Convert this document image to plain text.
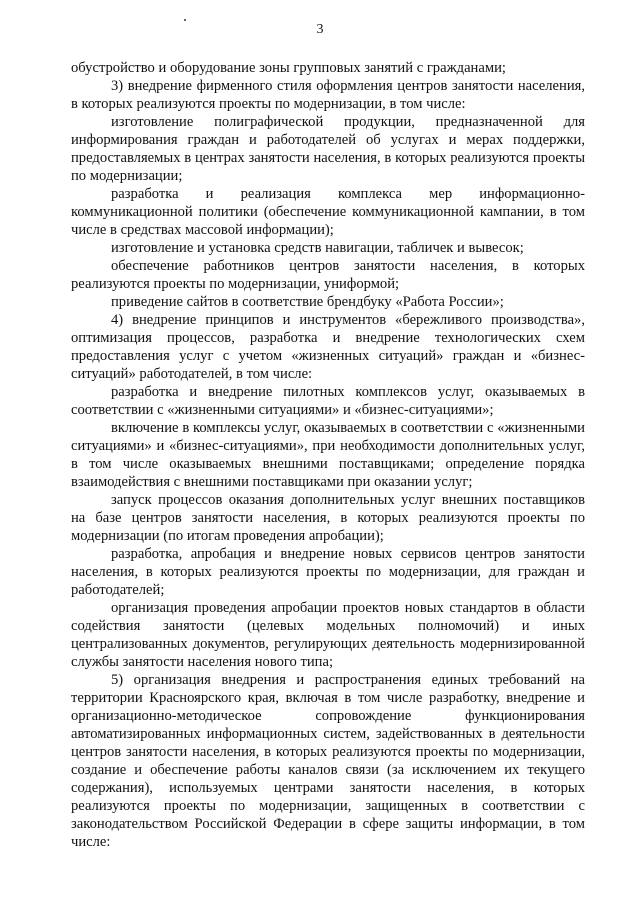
3

обустройство и оборудование зоны групповых занятий с гражданами;

3) внедрение фирменного стиля оформления центров занятости населения, в которых реализуются проекты по модернизации, в том числе:

изготовление полиграфической продукции, предназначенной для информирования граждан и работодателей об услугах и мерах поддержки, предоставляемых в центрах занятости населения, в которых реализуются проекты по модернизации;

разработка и реализация комплекса мер информационно-коммуникационной политики (обеспечение коммуникационной кампании, в том числе в средствах массовой информации);

изготовление и установка средств навигации, табличек и вывесок;

обеспечение работников центров занятости населения, в которых реализуются проекты по модернизации, униформой;

приведение сайтов в соответствие брендбуку «Работа России»;

4) внедрение принципов и инструментов «бережливого производства», оптимизация процессов, разработка и внедрение технологических схем предоставления услуг с учетом «жизненных ситуаций» граждан и «бизнес-ситуаций» работодателей, в том числе:

разработка и внедрение пилотных комплексов услуг, оказываемых в соответствии с «жизненными ситуациями» и «бизнес-ситуациями»;

включение в комплексы услуг, оказываемых в соответствии с «жизненными ситуациями» и «бизнес-ситуациями», при необходимости дополнительных услуг, в том числе оказываемых внешними поставщиками; определение порядка взаимодействия с внешними поставщиками при оказании услуг;

запуск процессов оказания дополнительных услуг внешних поставщиков на базе центров занятости населения, в которых реализуются проекты по модернизации (по итогам проведения апробации);

разработка, апробация и внедрение новых сервисов центров занятости населения, в которых реализуются проекты по модернизации, для граждан и работодателей;

организация проведения апробации проектов новых стандартов в области содействия занятости (целевых модельных полномочий) и иных централизованных документов, регулирующих деятельность модернизированной службы занятости населения нового типа;

5) организация внедрения и распространения единых требований на территории Красноярского края, включая в том числе разработку, внедрение и организационно-методическое сопровождение функционирования автоматизированных информационных систем, задействованных в деятельности центров занятости населения, в которых реализуются проекты по модернизации, создание и обеспечение работы каналов связи (за исключением их текущего содержания), используемых центрами занятости населения, в которых реализуются проекты по модернизации, защищенных в соответствии с законодательством Российской Федерации в сфере защиты информации, в том числе:
